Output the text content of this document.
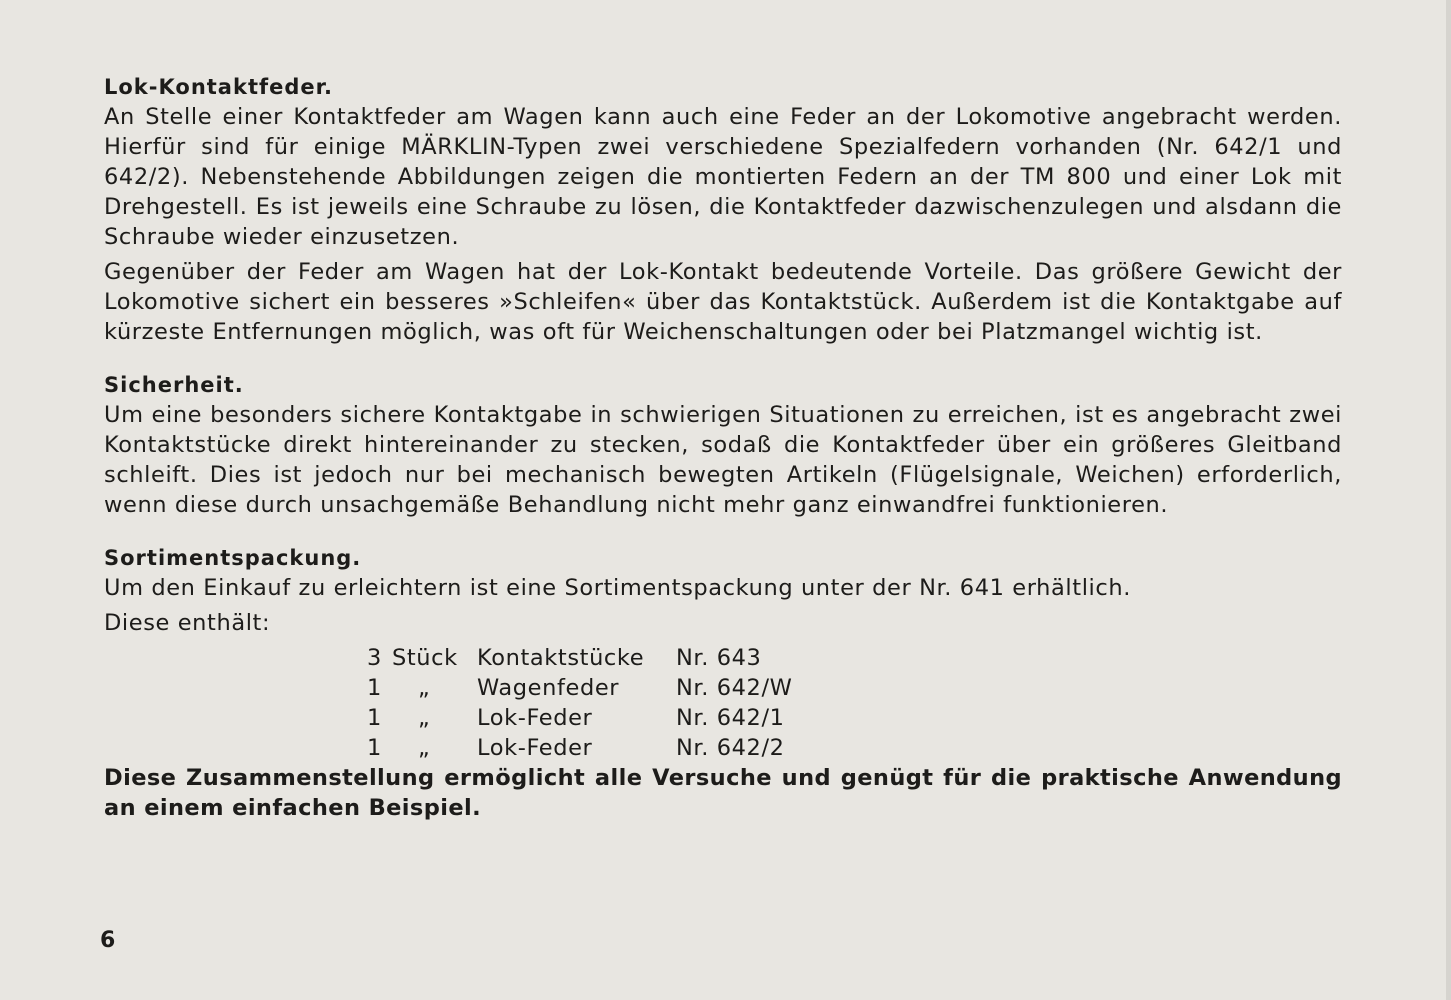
Lok-Kontaktfeder.

An Stelle einer Kontaktfeder am Wagen kann auch eine Feder an der Lokomotive angebracht werden. Hierfür sind für einige MÄRKLIN-Typen zwei verschiedene Spezialfedern vorhanden (Nr. 642/1 und 642/2). Nebenstehende Abbildungen zeigen die montierten Federn an der TM 800 und einer Lok mit Drehgestell. Es ist jeweils eine Schraube zu lösen, die Kontaktfeder dazwischenzulegen und alsdann die Schraube wieder einzusetzen.

Gegenüber der Feder am Wagen hat der Lok-Kontakt bedeutende Vorteile. Das größere Gewicht der Lokomotive sichert ein besseres »Schleifen« über das Kontaktstück. Außerdem ist die Kontaktgabe auf kürzeste Entfernungen möglich, was oft für Weichenschaltungen oder bei Platzmangel wichtig ist.

Sicherheit.

Um eine besonders sichere Kontaktgabe in schwierigen Situationen zu erreichen, ist es angebracht zwei Kontaktstücke direkt hintereinander zu stecken, sodaß die Kontaktfeder über ein größeres Gleitband schleift. Dies ist jedoch nur bei mechanisch bewegten Artikeln (Flügelsignale, Weichen) erforderlich, wenn diese durch unsachgemäße Behandlung nicht mehr ganz einwandfrei funktionieren.

Sortimentspackung.

Um den Einkauf zu erleichtern ist eine Sortimentspackung unter der Nr. 641 erhältlich.

Diese enthält:

3 Stück Kontaktstücke	Nr. 643
1	„	Wagenfeder	Nr. 642/W
1	„	Lok-Feder	Nr. 642/1
1	„	Lok-Feder	Nr. 642/2

Diese Zusammenstellung ermöglicht alle Versuche und genügt für die praktische Anwendung an einem einfachen Beispiel.

6
